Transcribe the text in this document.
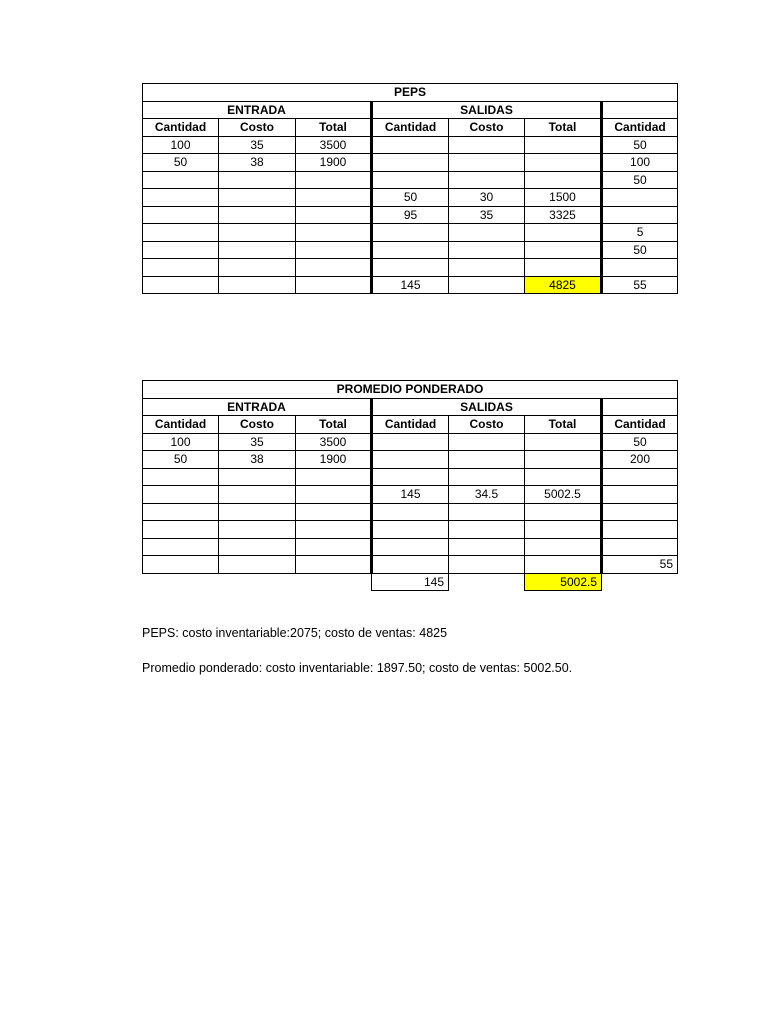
PEPS						
ENTRADA			SALIDAS			
Cantidad	Costo	Total	Cantidad	Costo	Total	Cantidad
100	35	3500				50
50	38	1900				100
						50
			50	30	1500	
			95	35	3325	
						5
						50

			145		4825	55
PROMEDIO PONDERADO						
ENTRADA			SALIDAS			
Cantidad	Costo	Total	Cantidad	Costo	Total	Cantidad
100	35	3500				50
50	38	1900				200

			145	34.5	5002.5	

						55
			145		5002.5	

PEPS: costo inventariable:2075; costo de ventas: 4825

Promedio ponderado: costo inventariable: 1897.50; costo de ventas: 5002.50.
